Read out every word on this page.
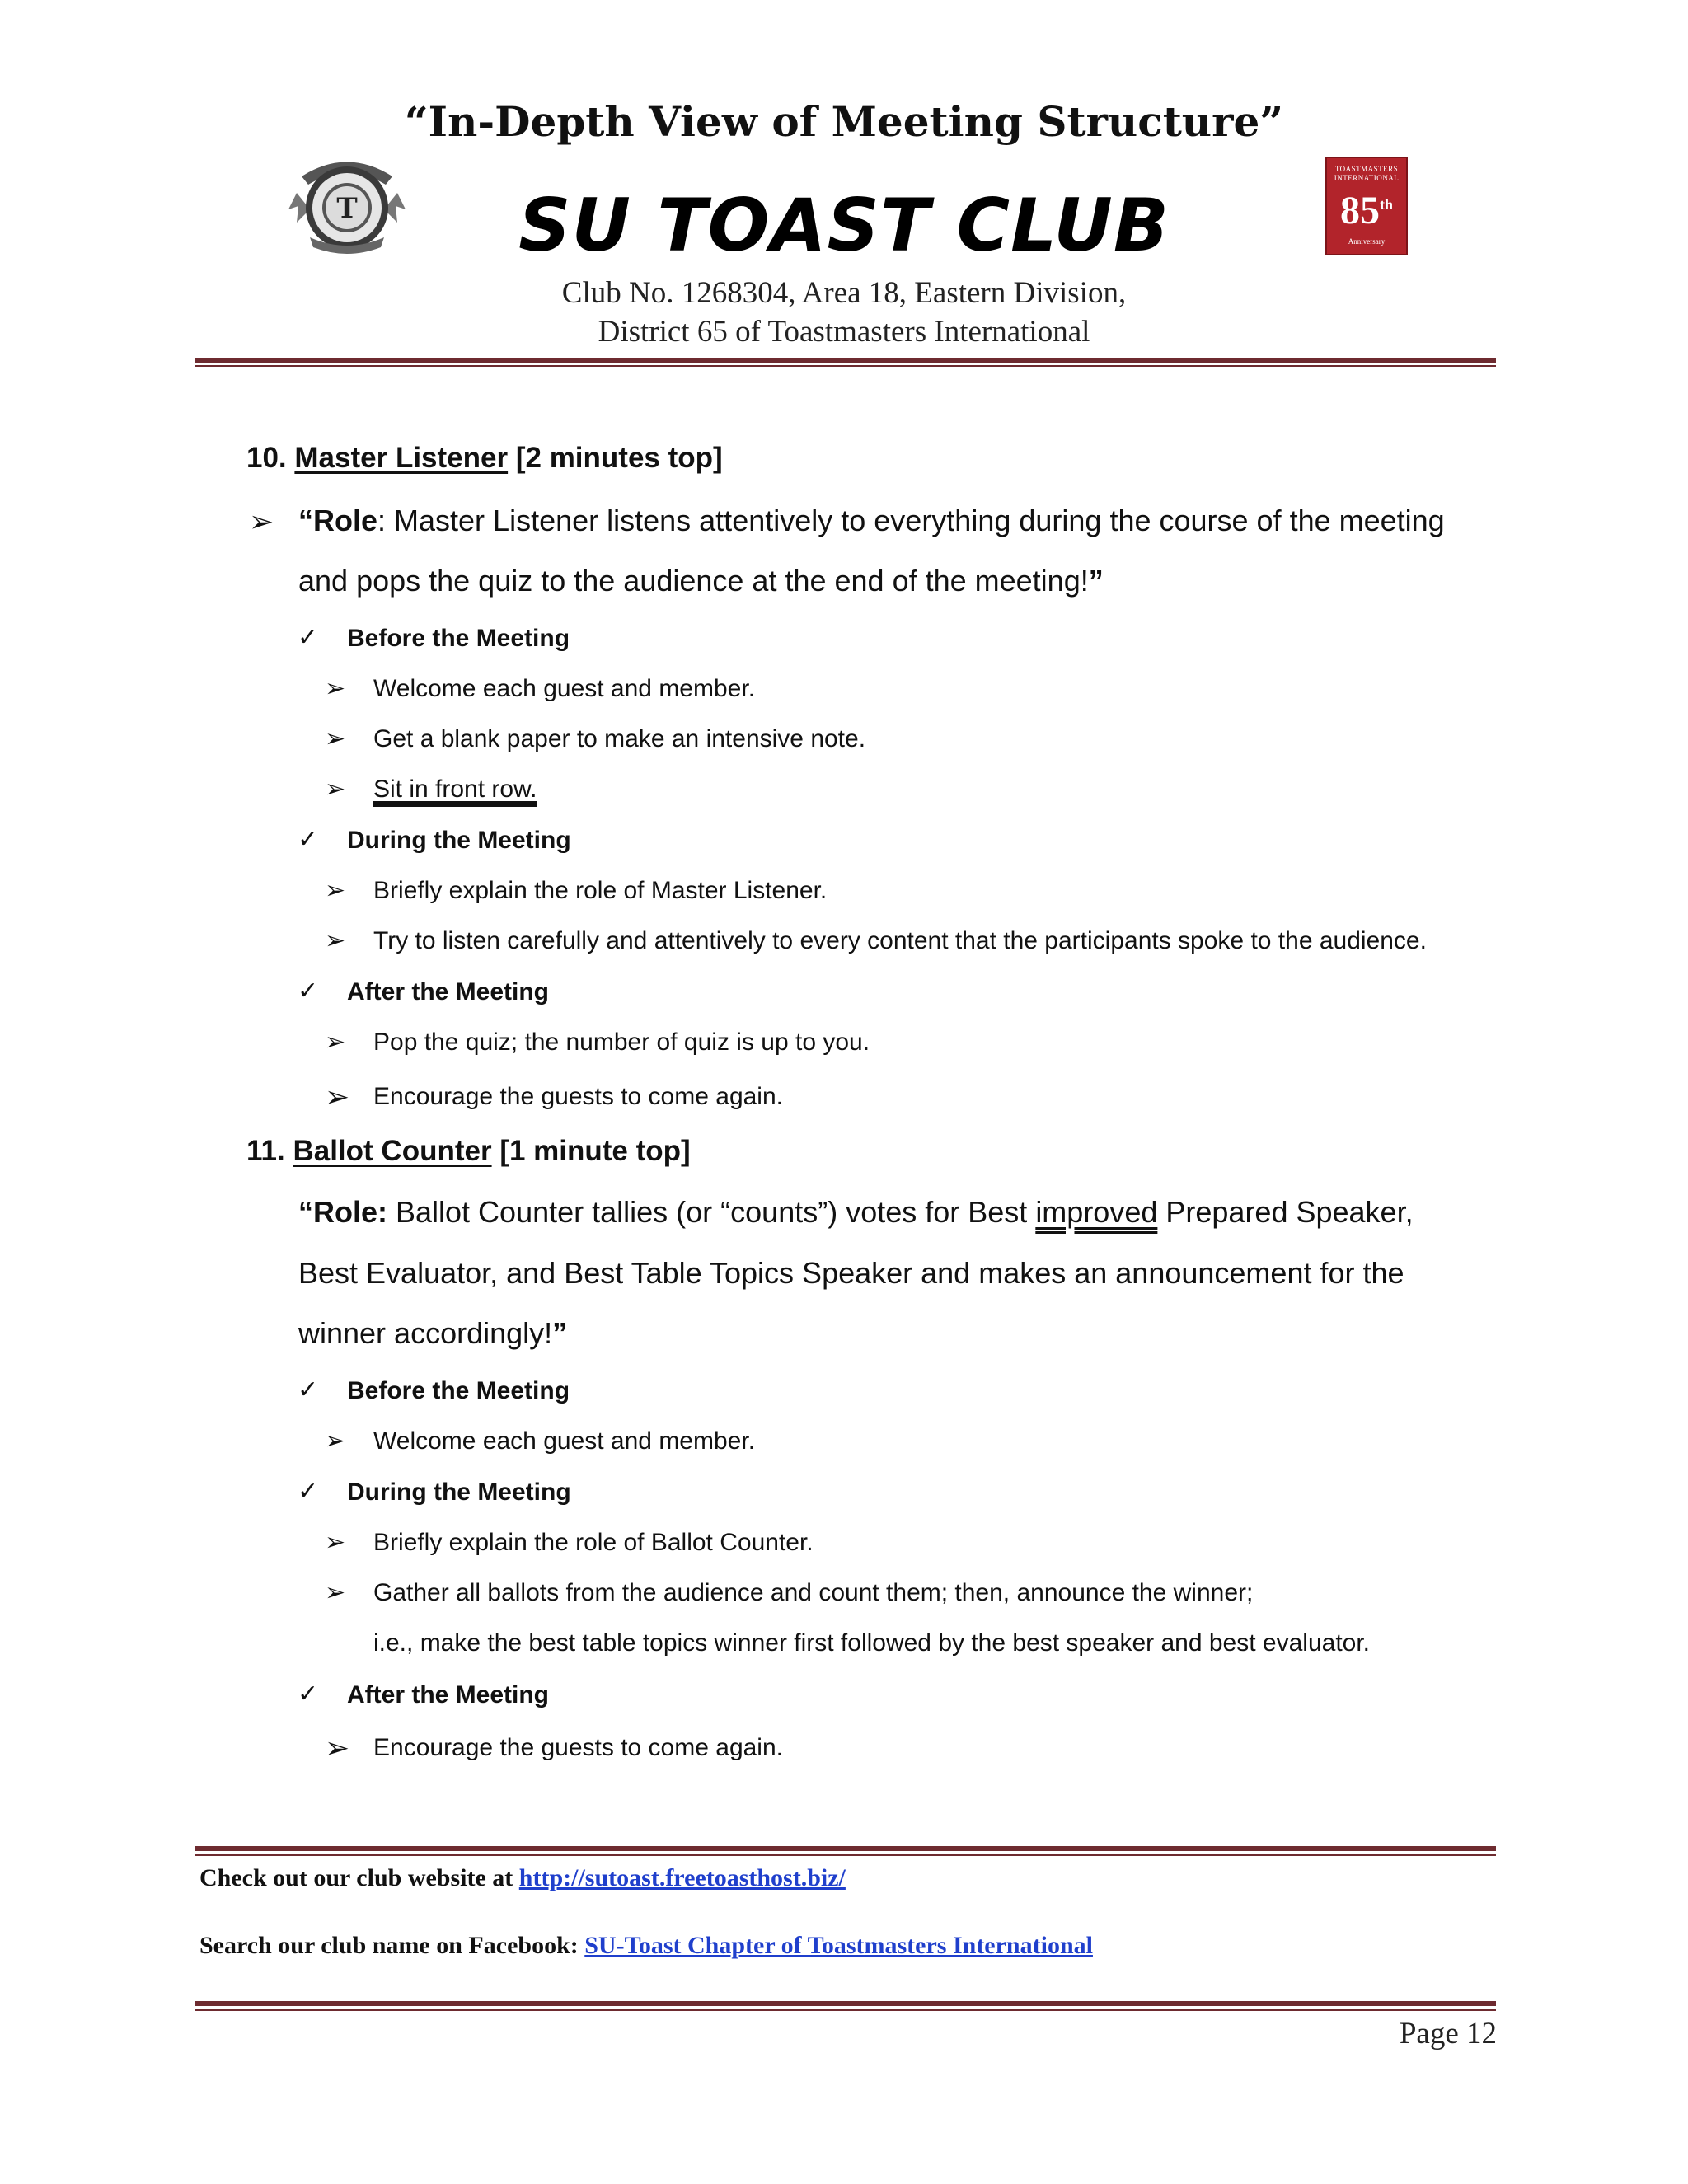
“In-Depth View of Meeting Structure”
T
TOASTMASTERS INTERNATIONAL
85th
Anniversary
SU TOAST CLUB
Club No. 1268304, Area 18, Eastern Division,
District 65 of Toastmasters International
10. Master Listener [2 minutes top]
➢ “Role: Master Listener listens attentively to everything during the course of the meeting
and pops the quiz to the audience at the end of the meeting!”
✓ Before the Meeting
➢ Welcome each guest and member.
➢ Get a blank paper to make an intensive note.
➢ Sit in front row.
✓ During the Meeting
➢ Briefly explain the role of Master Listener.
➢ Try to listen carefully and attentively to every content that the participants spoke to the audience.
✓ After the Meeting
➢ Pop the quiz; the number of quiz is up to you.
➢ Encourage the guests to come again.
11. Ballot Counter [1 minute top]
“Role: Ballot Counter tallies (or “counts”) votes for Best improved Prepared Speaker,
Best Evaluator, and Best Table Topics Speaker and makes an announcement for the
winner accordingly!”
✓ Before the Meeting
➢ Welcome each guest and member.
✓ During the Meeting
➢ Briefly explain the role of Ballot Counter.
➢ Gather all ballots from the audience and count them; then, announce the winner;
i.e., make the best table topics winner first followed by the best speaker and best evaluator.
✓ After the Meeting
➢ Encourage the guests to come again.
Check out our club website at http://sutoast.freetoasthost.biz/
Search our club name on Facebook: SU-Toast Chapter of Toastmasters International
Page 12
